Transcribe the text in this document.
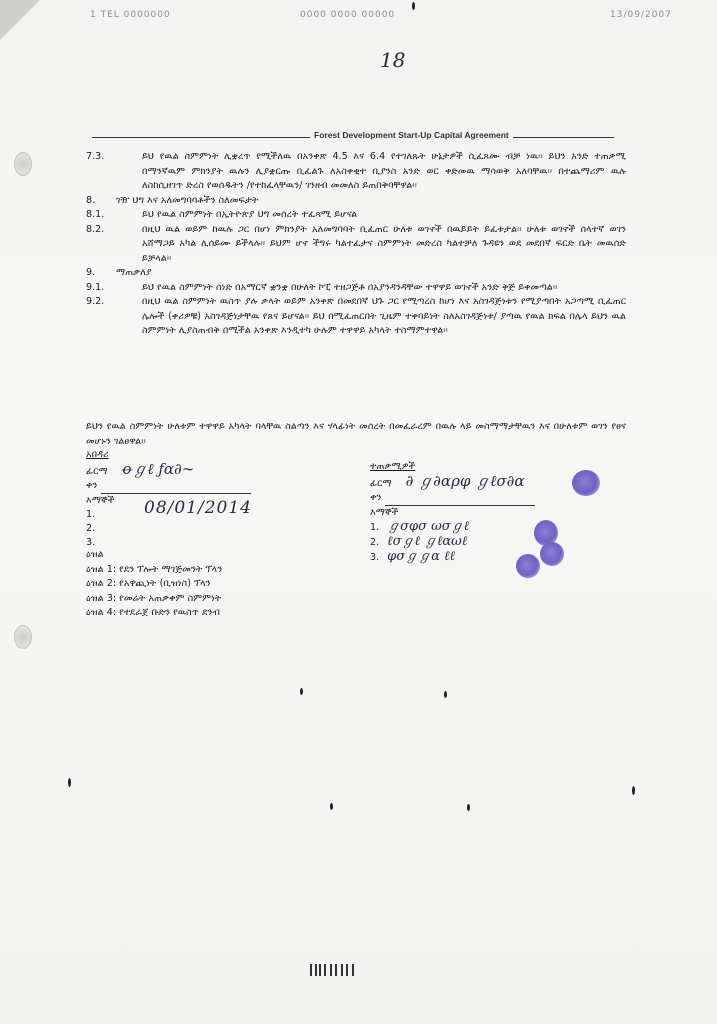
1 TEL 0000000	0000 0000 00000	13/09/2007
18
Forest Development Start-Up Capital Agreement
7.3.	ይህ የዉል ስምምነት ሊቋረጥ የሚችለዉ በአንቀጽ 4.5 እና 6.4 የተገለጹት ሁኔታዎች ሲፈጸሙ ብቻ ነዉ፡፡ ይህን አንድ ተጠቃሚ በማንኛዉም ምክንያት ዉሉን ሊያቋርጡ ቢፈልጉ ለአስቀቂተ ቢያንስ አንድ ወር ቀድመዉ ማሳወቅ አለባቸዉ፡፡ በተጨማሪም ዉሉ ለስከሲዘገጥ ድረስ የወሰዱትን /የተከፈላቸዉን/ ገንዘብ መመለስ ይጠበቅባቸዋል፡፡
8. ገዥ ህግ እና አለመግባባቶችን ስለመፍታት
8.1.	ይህ የዉል ስምምነት በኢትዮጵያ ህግ መሰረት ተፈጻሚ ይሆናል
8.2.	በዚህ ዉል ወይም ከዉሉ ጋር በሆነ ምክንያት አለመግባባት ቢፈጠር ሁለቱ ወገኖች በዉይይት ይፈቱታል፡፡ ሁለቱ ወገኖች ሰላተኛ ወገን አሸማጋይ አካል ሊሰይሙ ይችላሉ፡፡ ይህም ሆኖ ችግሩ ካልተፈታና ስምምነት መድረስ ካልተቻለ ጉዳዩን ወደ መደበኛ ፍርድ ቤት መዉሰድ ይቻላል፡፡
9. ማጠቃለያ
9.1.	ይህ የዉል ስምምነት ሰነድ በአማርኛ ቋንቋ በሁለት ኮፒ ተዘጋጅቶ በአያንዳንዳቸው ተዋዋይ ወገኖች አንድ ቅጅ ይቀመጣል፡፡
9.2.	በዚህ ዉል ስምምነት ዉስጥ ያሉ ቃላት ወይም አንቀጽ በመደበኛ ህጉ ጋር የሚጣረስ ከሆነ እና አስገዳጅነቱን የሚያጣበት አጋጣሚ ቢፈጠር ሌሎች (ቀሪዎቹ) አስገዳጅነታቸዉ የጸና ይሆናል፡፡ ይህ በሚፈጠርበት ጊዜም ተቀባይነት ስለአስገዳጅነቱ/ ያጣዉ የዉል ክፍል በሌላ ይህን ዉል ስምምነት ሊያስጠብቅ በሚችል አንቀጽ እንዲተካ ሁሉም ተዋዋይ አካላት ተስማምተዋል፡፡
ይህን የዉል ስምምነት ሁለቱም ተዋዋይ አካላት ባላቸዉ ስልጣን እና ሃላፊነት መሰረት በመፈራረም በዉሉ ላይ መስማማታቸዉን እና በሁለቱም ወገን የፀና መሆኑን ገልፀዋል፡፡
አበዳሪ
ፊርማ ꝋℊℓ ƒα∂∼
ቀን
እማኞች
1.
2.
3.
08/01/2014
ተጠቃሚዎች
ፊርማ ∂ ℊ∂αρφ ℊℓσ∂α
ቀን
እማኞች
1. ℊσφσ ωσℊℓ
2. ℓσℊℓ ℊℓαωℓ
3. φσℊℊα ℓℓ
ዕዝል
ዕዝል 1: የደን ፕሎት ማገጅመንት ፕላን
ዕዝል 2: የአዋጪነት (ቢዝነስ) ፕላን
ዕዝል 3: የመሬት አጠቃቀም ስምምነት
ዕዝል 4: የተደራጀ ቡድን የዉስጥ ደንብ
